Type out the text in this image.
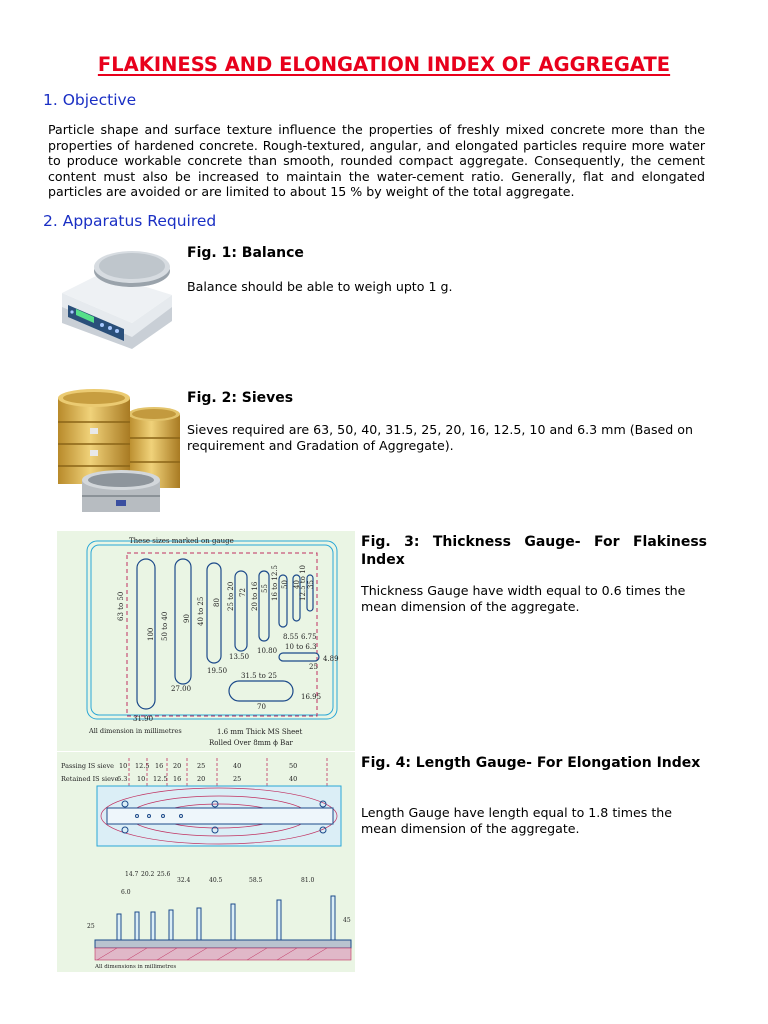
FLAKINESS AND ELONGATION INDEX OF AGGREGATE
1. Objective
Particle shape and surface texture influence the properties of freshly mixed concrete more than the properties of hardened concrete. Rough-textured, angular, and elongated particles require more water to produce workable concrete than smooth, rounded compact aggregate. Consequently, the cement content must also be increased to maintain the water-cement ratio. Generally, flat and elongated particles are avoided or are limited to about 15 % by weight of the total aggregate.
2. Apparatus Required
Fig. 1: Balance
Balance should be able to weigh upto 1 g.
Fig. 2: Sieves
Sieves required are 63, 50, 40, 31.5, 25, 20, 16, 12.5, 10 and 6.3 mm (Based on requirement and Gradation of Aggregate).
These sizes marked on gauge
63 to 50
50 to 40
40 to 25
25 to 20 20 to 16 16 to 12.5	12.5 to 10
10 to 6.3
31.5 to 25
100
90
80
72 55 50 40 35
31.90
27.00
19.50
13.50
10.80
8.55 6.75
4.89
16.95
70
25
All dimension in millimetres	1.6 mm Thick MS Sheet
Rolled Over 8mm ϕ Bar
Fig. 3: Thickness Gauge- For Flakiness Index
Thickness Gauge have width equal to 0.6 times the mean dimension of the aggregate.
Passing IS sieve
Retained IS sieve
10 12.5 16 20 25	40	50
6.3 10 12.5 16 20	25	40
6.0
14.7 20.2 25.6
32.4	40.5	58.5	81.0
45
25
All dimensions in millimetres
Fig. 4: Length Gauge- For Elongation Index
Length Gauge have length equal to 1.8 times the mean dimension of the aggregate.
